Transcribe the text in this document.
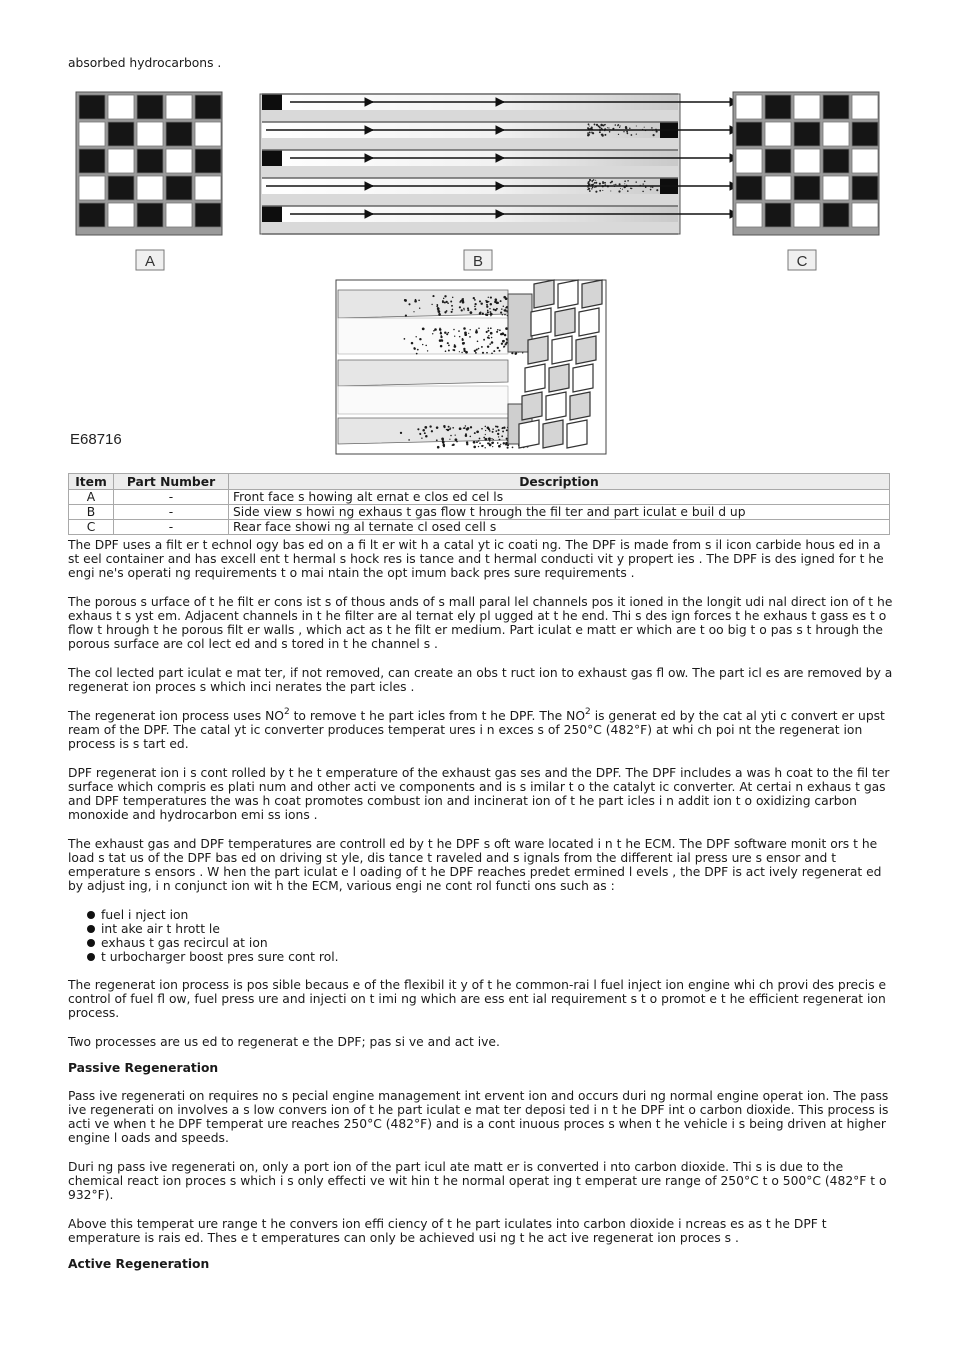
absorbed hydrocarbons .

A	B	C
E68716
Item	Part Number	Description
A	-	Front face s howing alt ernat e clos ed cel ls
B	-	Side view s howi ng exhaus t gas flow t hrough the fil ter and part iculat e buil d up
C	-	Rear face showi ng al ternate cl osed cell s

The DPF uses a filt er t echnol ogy bas ed on a fi lt er wit h a catal yt ic coati ng. The DPF is made from s il icon carbide hous ed in a st eel container and has excell ent t hermal s hock res is tance and t hermal conducti vit y propert ies . The DPF is des igned for t he engi ne's operati ng requirements t o mai ntain the opt imum back pres sure requirements .

The porous s urface of t he filt er cons ist s of thous ands of s mall paral lel channels pos it ioned in the longit udi nal direct ion of t he exhaus t s yst em. Adjacent channels in t he filter are al ternat ely pl ugged at t he end. Thi s des ign forces t he exhaus t gass es t o flow t hrough t he porous filt er walls , which act as t he filt er medium. Part iculat e matt er which are t oo big t o pas s t hrough the porous surface are col lect ed and s tored in t he channel s .

The col lected part iculat e mat ter, if not removed, can create an obs t ruct ion to exhaust gas fl ow. The part icl es are removed by a regenerat ion proces s which inci nerates the part icles .

The regenerat ion process uses $NO^2$ to remove t he part icles from t he DPF. The $NO^2$ is generat ed by the cat al yti c convert er upst ream of the DPF. The catal yt ic converter produces temperat ures i n exces s of 250°C (482°F) at whi ch poi nt the regenerat ion process is s tart ed.

DPF regenerat ion i s cont rolled by t he t emperature of the exhaust gas ses and the DPF. The DPF includes a was h coat to the fil ter surface which compris es plati num and other acti ve components and is s imilar t o the catalyt ic converter. At certai n exhaus t gas and DPF temperatures the was h coat promotes combust ion and incinerat ion of t he part icles i n addit ion t o oxidizing carbon monoxide and hydrocarbon emi ss ions .

The exhaust gas and DPF temperatures are controll ed by t he DPF s oft ware located i n t he ECM. The DPF software monit ors t he load s tat us of the DPF bas ed on driving st yle, dis tance t raveled and s ignals from the different ial press ure s ensor and t emperature s ensors . W hen the part iculat e l oading of t he DPF reaches predet ermined l evels , the DPF is act ively regenerat ed by adjust ing, i n conjunct ion wit h the ECM, various engi ne cont rol functi ons such as :

fuel i nject ion
int ake air t hrott le
exhaus t gas recircul at ion
t urbocharger boost pres sure cont rol.

The regenerat ion process is pos sible becaus e of the flexibil it y of t he common-rai l fuel inject ion engine whi ch provi des precis e control of fuel fl ow, fuel press ure and injecti on t imi ng which are ess ent ial requirement s t o promot e t he efficient regenerat ion process.

Two processes are us ed to regenerat e the DPF; pas si ve and act ive.

Passive Regeneration

Pass ive regenerati on requires no s pecial engine management int ervent ion and occurs duri ng normal engine operat ion. The pass ive regenerati on involves a s low convers ion of t he part iculat e mat ter deposi ted i n t he DPF int o carbon dioxide. This process is acti ve when t he DPF temperat ure reaches 250°C (482°F) and is a cont inuous proces s when t he vehicle i s being driven at higher engine l oads and speeds.

Duri ng pass ive regenerati on, only a port ion of the part icul ate matt er is converted i nto carbon dioxide. Thi s is due to the chemical react ion proces s which i s only effecti ve wit hin t he normal operat ing t emperat ure range of 250°C t o 500°C (482°F t o 932°F).

Above this temperat ure range t he convers ion effi ciency of t he part iculates into carbon dioxide i ncreas es as t he DPF t emperature is rais ed. Thes e t emperatures can only be achieved usi ng t he act ive regenerat ion proces s .

Active Regeneration
